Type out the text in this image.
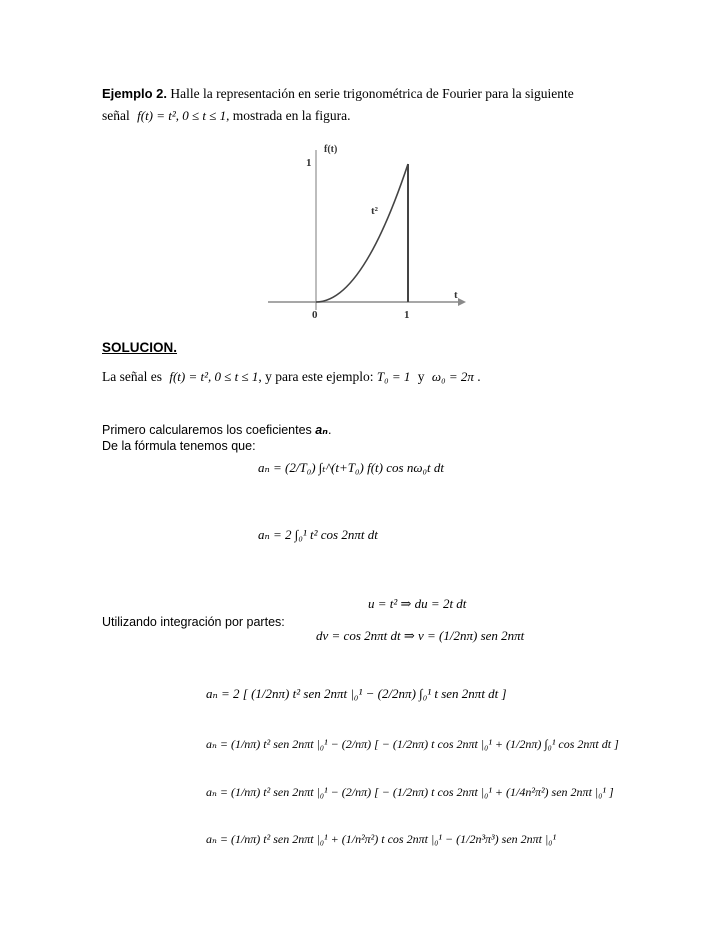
Ejemplo 2. Halle la representación en serie trigonométrica de Fourier para la siguiente
señal f(t) = t², 0 ≤ t ≤ 1, mostrada en la figura.
f(t)
1
t
0	1
t²
SOLUCION.
La señal es f(t) = t², 0 ≤ t ≤ 1, y para este ejemplo: T₀ = 1 y ω₀ = 2π .
Primero calcularemos los coeficientes aₙ.
De la fórmula tenemos que:
aₙ = (2/T₀) ∫ₜ^(t+T₀) f(t) cos nω₀t dt
aₙ = 2 ∫₀¹ t² cos 2nπt dt
u = t² ⇒ du = 2t dt
Utilizando integración por partes:
dv = cos 2nπt dt ⇒ v = (1/2nπ) sen 2nπt
aₙ = 2 [ (1/2nπ) t² sen 2nπt |₀¹ − (2/2nπ) ∫₀¹ t sen 2nπt dt ]
aₙ = (1/nπ) t² sen 2nπt |₀¹ − (2/nπ) [ − (1/2nπ) t cos 2nπt |₀¹ + (1/2nπ) ∫₀¹ cos 2nπt dt ]
aₙ = (1/nπ) t² sen 2nπt |₀¹ − (2/nπ) [ − (1/2nπ) t cos 2nπt |₀¹ + (1/4n²π²) sen 2nπt |₀¹ ]
aₙ = (1/nπ) t² sen 2nπt |₀¹ + (1/n²π²) t cos 2nπt |₀¹ − (1/2n³π³) sen 2nπt |₀¹
